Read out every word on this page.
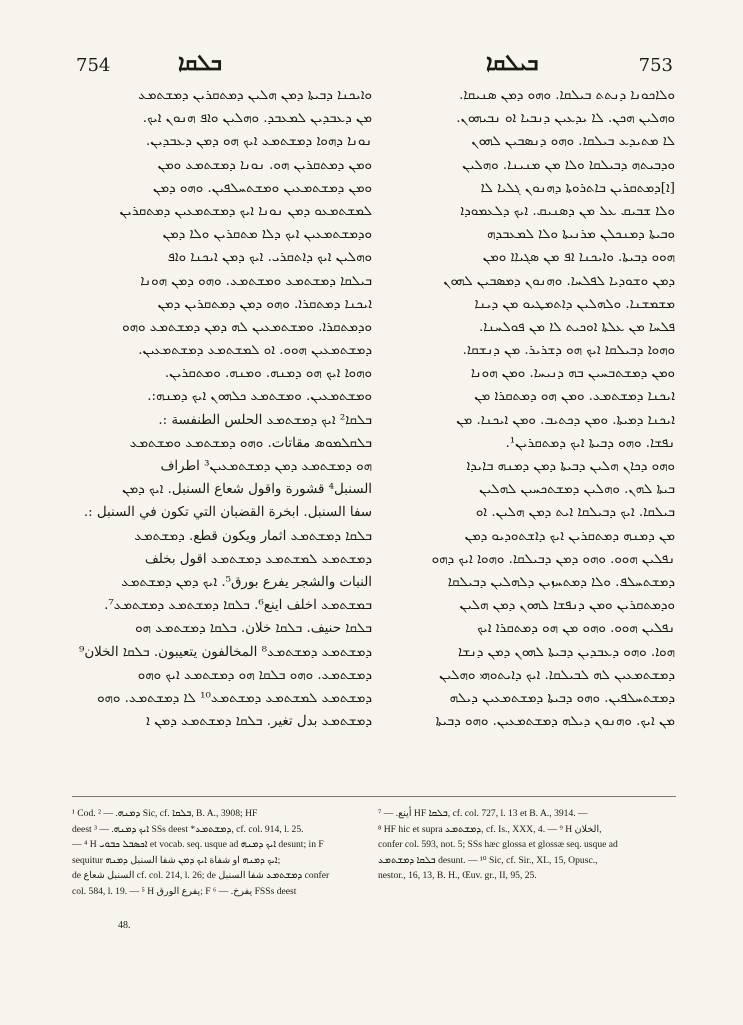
754	ܒܠܩܐ	ܒܝܠܩܐ	753
ܘܐܝܟܢܐ ܕܒܝܬܐ ܕܡܢ ܗܠܝܢ ܕܡܬܩܪܝܢ ܕܡܫܬܡܥ
ܡܢ ܕܥܒܕܝܢ ܠܡܥܒܕ. ܘܗܠܝܢ ܘܐܦ ܗܢܘܢ ܐܝܟ.
ܢܘܢܐ ܕܗܘܐ ܕܡܫܬܡܥ ܐܝܟ ܗܘ ܕܡܢ ܕܥܒܕܝܢ.
ܘܡܢ ܕܡܬܩܪܝܢ ܗܘ. ܢܘܢܐ ܕܡܫܬܡܥ ܘܡܢ
ܘܡܢ ܕܡܫܬܡܥܝܢ ܘܡܫܬܚܠܦܝܢ. ܘܗܘ ܕܡܢ
ܠܡܫܬܡܥܘ ܕܡܢ ܢܘܢܐ ܐܝܟ ܕܡܫܬܡܥܝܢ ܕܡܬܩܪܝܢ
ܘܕܡܫܬܡܥܝܢ ܐܝܟ ܕܠܐ ܡܬܩܪܝܢ ܘܠܐ ܕܡܢ
ܘܗܠܝܢ ܐܝܟ ܕܐܬܩܪܝ. ܐܝܟ ܕܡܢ ܐܝܟܢܐ ܘܐܦ
ܒܝܠܩܐ ܕܡܫܬܡܥ ܘܡܫܬܡܥ. ܘܗܘ ܕܡܢ ܗܘܢܐ
ܐܝܟܢܐ ܕܡܬܩܪܐ. ܘܗܘ ܕܡܢ ܕܡܬܩܪܝܢ ܕܡܢ
ܘܕܡܬܩܪܐ. ܘܡܫܬܡܥܝܢ ܠܗ ܕܡܢ ܕܡܫܬܡܥ ܘܗܘ
ܕܡܫܬܡܥܝܢ ܗܘܘ. ܐܘ ܠܡܫܬܡܥ ܕܡܫܬܡܥܝܢ.
ܘܗܘܐ ܐܝܟ ܗܘ ܕܡܢܗ. ܘܡܢܗ. ܘܡܬܩܪܝܢ.
ܘܡܫܬܡܥܝܢ. ܘܡܫܬܡܥ ܟܠܗܘܢ ܐܝܟ ܕܡܢܗ:.
ܒܠܩܐ² ܐܝܟ ܕܡܫܬܡܥ الحلس الطنفسة :.
ܒܠܩܠܡܘܣ مقاتات. ܘܗܘ ܕܡܫܬܡܥ ܘܡܫܬܡܥ
ܗܘ ܕܡܫܬܡܥ ܕܡܢ ܕܡܫܬܡܥܝܢ³ اطراف
السنبل⁴ قشورة واقول شعاع السنبل. ܐܝܟ ܕܡܢ
سفا السنبل. ابخرة القضبان التي تكون في السنبل :.
ܒܠܩܐ ܕܡܫܬܡܥ اثمار ويكون قطع. ܕܡܫܬܡܥ
ܕܡܫܬܡܥ ܠܡܫܬܡܥ ܕܡܫܬܡܥ اقول بخلف
النبات والشجر يفرع بورق⁵. ܐܝܟ ܕܡܢ ܕܡܫܬܡܥ
ܒܡܫܬܡܥ اخلف اينع⁶. ܒܠܩܐ ܕܡܫܬܡܥ ܕܡܫܬܡܥ⁷.
ܒܠܩܐ حنيف. ܒܠܩܐ خلان. ܒܠܩܐ ܕܡܫܬܡܥ ܗܘ
ܕܡܫܬܡܥ ܕܡܫܬܡܥ⁸ المخالفون يتعيبون. ܒܠܩܐ الخلان⁹
ܕܡܫܬܡܥ. ܘܗܘ ܒܠܩܐ ܗܘ ܕܡܫܬܡܥ ܐܝܟ ܘܗܘ
ܕܡܫܬܡܥ ܠܡܫܬܡܥ ܕܡܫܬܡܥ¹⁰ ܠܐ ܕܡܫܬܡܥ. ܘܗܘ
ܕܡܫܬܡܥ بدل تغير. ܒܠܩܐ ܕܡܫܬܡܥ ܕܡܢ ܐ
ܘܠܐܟܘܢܐ ܕܢܬܬ ܒܝܠܩܐ. ܘܗܘ ܕܡܢ ܣܢܝܩܐ.
ܘܗܠܝܢ ܗܟܢ. ܠܐ ܝܕܥܝܢ ܕܢܒܝܐ ܐܘ ܢܒܝܗܘܢ.
ܠܐ ܡܬܝܕܥ ܒܝܠܩܐ. ܘܗܘ ܕܢܣܒܝܢ ܠܗܘܢ
ܘܕܒܝܬܗ ܕܒܝܠܩܐ ܘܠܐ ܡܢ ܡܢܝܢܐ. ܘܗܠܝܢ
[ܐ]ܕܡܬܩܪܝܢ ܒܐܬܪܘܬܐ ܕܗܢܘܢ ܓܠܝܐ ܠܐ
ܘܠܐ ܫܒܝܩ ܥܠ ܡܢ ܕܣܢܝܩ. ܐܝܟ ܕܠܥܡܘܕܐ
ܘܒܝܬܐ ܕܡܢܟܠܢ ܡܪܢܝܬܐ ܘܠܐ ܠܡܥܒܕܗ
ܗܘܘ ܕܒܝܬܐ. ܘܐܝܟܢܐ ܐܦ ܡܢ ܣܓܝܐܐ ܘܡܢ
ܕܡܢ ܘܫܘܕܝܐ ܠܦܠܚܐ. ܘܗܢܘܢ ܕܡܣܒܝܢ ܠܗܘܢ
ܡܫܡܫܢܐ. ܘܠܗܠܝܢ ܕܐܬܡܛܝܘ ܡܢ ܕܝܢܐ
ܦܠܚܐ ܡܢ ܥܠܬܐ ܐܘܟܝܬ ܠܐ ܡܢ ܦܘܠܚܢܐ.
ܘܗܘܐ ܕܒܝܠܩܐ ܐܝܟ ܗܘ ܕܫܪܝܪ. ܡܢ ܕܢܫܩܐ.
ܘܡܢ ܕܡܫܬܒܚܝܢ ܒܗ ܕܢܝܚܐ. ܘܡܢ ܗܘܢܐ
ܐܝܟܢܐ ܕܡܫܬܡܥ. ܘܡܢ ܗܘ ܕܡܬܩܪܐ ܡܢ
ܐܝܟܢܐ ܕܡܝܬܐ. ܘܡܢ ܕܟܬܝܒ. ܘܡܢ ܐܝܟܢܐ. ܡܢ
ܢܦܫܐ. ܘܗܘ ܕܒܝܬܐ ܐܝܟ ܕܡܬܩܪܝܢ¹.
ܘܗܘ ܕܟܐܢ ܗܠܝܢ ܕܒܝܬܐ ܕܡܢ ܕܡܢܗ ܒܐܝܕܐ
ܒܝܬܐ ܠܗܢ. ܘܗܠܝܢ ܕܡܫܬܟܚܝܢ ܠܗܠܝܢ
ܒܝܠܩܐ. ܐܝܟ ܕܒܝܠܩܐ ܐܝܬ ܕܡܢ ܗܠܝܢ. ܐܘ
ܡܢ ܕܡܢܗ ܕܡܬܩܪܝܢ ܐܝܟ ܕܐܫܬܘܕܝܘ ܕܡܢ
ܢܦܠܝܢ ܗܘܘ. ܘܗܘ ܕܡܢ ܕܒܝܠܩܐ. ܘܗܘܐ ܐܝܟ ܕܗܘ
ܕܡܫܬܚܠܦ. ܘܠܐ ܕܡܬܚܙܝܢ ܕܠܗܠܝܢ ܕܒܝܠܩܐ
ܘܕܡܬܩܪܝܢ ܘܡܢ ܕܢܦܫܐ ܠܗܘܢ ܕܡܢ ܗܠܝܢ
ܢܦܠܝܢ ܗܘܘ. ܘܗܘ ܡܢ ܗܘ ܕܡܬܩܪܐ ܐܝܟ
ܗܘܐ. ܘܗܘ ܕܥܒܕܝܢ ܕܒܝܬܐ ܠܗܘܢ ܕܡܢ ܕܢܫܐ
ܕܡܫܬܡܥܝܢ ܠܗ ܠܒܝܠܩܐ. ܐܝܟ ܕܐܝܬܘܗܝ ܘܗܠܝܢ
ܕܡܫܬܚܠܦܝܢ. ܘܗܘ ܕܒܝܬܐ ܕܡܫܬܡܥܝܢ ܕܝܠܗ
ܡܢ ܐܝܟ. ܘܗܢܘܢ ܕܝܠܗ ܕܡܫܬܡܥܝܢ. ܘܗܘ ܕܒܝܬܐ
¹ Cod. ܕܡܢܗ. — ² Sic, cf. ܒܠܩܐ, B. A., 3908; HF
deest ܐܝܟ ܕܡܢܗ. — ³ SSs deest *ܕܡܫܬܡܥ, cf. col. 914, l. 25.
— ⁴ H ܐܟܣܒܠ ܟܒܘܝ et vocab. seq. usque ad ܐܝܟ ܕܡܢܗ desunt; in F
sequitur ܐܝܟ ܕܡܢܗ او شفاة ܐܝܟ ܕܡܢ شفا السنبل ܕܡܢܗ;
de السنبل شعاع cf. col. 214, l. 26; de ܕܡܫܬܡܥ شفا السنبل confer
col. 584, l. 19. — ⁵ H يفرع الورق; F يفرخ. — ⁶ FSSs deest
أينع. — ⁷ HF ܒܠܩܐ, cf. col. 727, l. 13 et B. A., 3914. —
⁸ HF hic et supra ܕܡܫܬܡܥ, cf. Is., XXX, 4. — ⁹ H الخلان,
confer col. 593, not. 5; SSs hæc glossa et glossæ seq. usque ad
ܒܠܩܐ ܕܡܫܬܡܥ desunt. — ¹⁰ Sic, cf. Sir., XL, 15, Opusc.,
nestor., 16, 13, B. H., Œuv. gr., II, 95, 25.
48.
